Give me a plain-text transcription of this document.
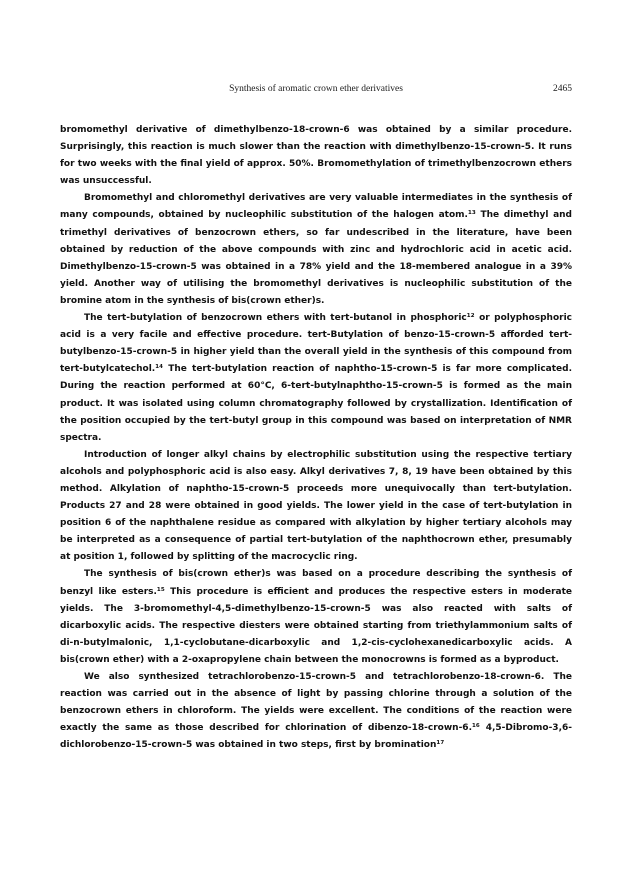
Synthesis of aromatic crown ether derivatives	2465

bromomethyl derivative of dimethylbenzo-18-crown-6 was obtained by a similar procedure. Surprisingly, this reaction is much slower than the reaction with dimethylbenzo-15-crown-5. It runs for two weeks with the final yield of approx. 50%. Bromomethylation of trimethylbenzocrown ethers was unsuccessful.

Bromomethyl and chloromethyl derivatives are very valuable intermediates in the synthesis of many compounds, obtained by nucleophilic substitution of the halogen atom.¹³ The dimethyl and trimethyl derivatives of benzocrown ethers, so far undescribed in the literature, have been obtained by reduction of the above compounds with zinc and hydrochloric acid in acetic acid. Dimethylbenzo-15-crown-5 was obtained in a 78% yield and the 18-membered analogue in a 39% yield. Another way of utilising the bromomethyl derivatives is nucleophilic substitution of the bromine atom in the synthesis of bis(crown ether)s.

The tert-butylation of benzocrown ethers with tert-butanol in phosphoric¹² or polyphosphoric acid is a very facile and effective procedure. tert-Butylation of benzo-15-crown-5 afforded tert-butylbenzo-15-crown-5 in higher yield than the overall yield in the synthesis of this compound from tert-butylcatechol.¹⁴ The tert-butylation reaction of naphtho-15-crown-5 is far more complicated. During the reaction performed at 60°C, 6-tert-butylnaphtho-15-crown-5 is formed as the main product. It was isolated using column chromatography followed by crystallization. Identification of the position occupied by the tert-butyl group in this compound was based on interpretation of NMR spectra.

Introduction of longer alkyl chains by electrophilic substitution using the respective tertiary alcohols and polyphosphoric acid is also easy. Alkyl derivatives 7, 8, 19 have been obtained by this method. Alkylation of naphtho-15-crown-5 proceeds more unequivocally than tert-butylation. Products 27 and 28 were obtained in good yields. The lower yield in the case of tert-butylation in position 6 of the naphthalene residue as compared with alkylation by higher tertiary alcohols may be interpreted as a consequence of partial tert-butylation of the naphthocrown ether, presumably at position 1, followed by splitting of the macrocyclic ring.

The synthesis of bis(crown ether)s was based on a procedure describing the synthesis of benzyl like esters.¹⁵ This procedure is efficient and produces the respective esters in moderate yields. The 3-bromomethyl-4,5-dimethylbenzo-15-crown-5 was also reacted with salts of dicarboxylic acids. The respective diesters were obtained starting from triethylammonium salts of di-n-butylmalonic, 1,1-cyclobutane-dicarboxylic and 1,2-cis-cyclohexanedicarboxylic acids. A bis(crown ether) with a 2-oxapropylene chain between the monocrowns is formed as a byproduct.

We also synthesized tetrachlorobenzo-15-crown-5 and tetrachlorobenzo-18-crown-6. The reaction was carried out in the absence of light by passing chlorine through a solution of the benzocrown ethers in chloroform. The yields were excellent. The conditions of the reaction were exactly the same as those described for chlorination of dibenzo-18-crown-6.¹⁶ 4,5-Dibromo-3,6-dichlorobenzo-15-crown-5 was obtained in two steps, first by bromination¹⁷
